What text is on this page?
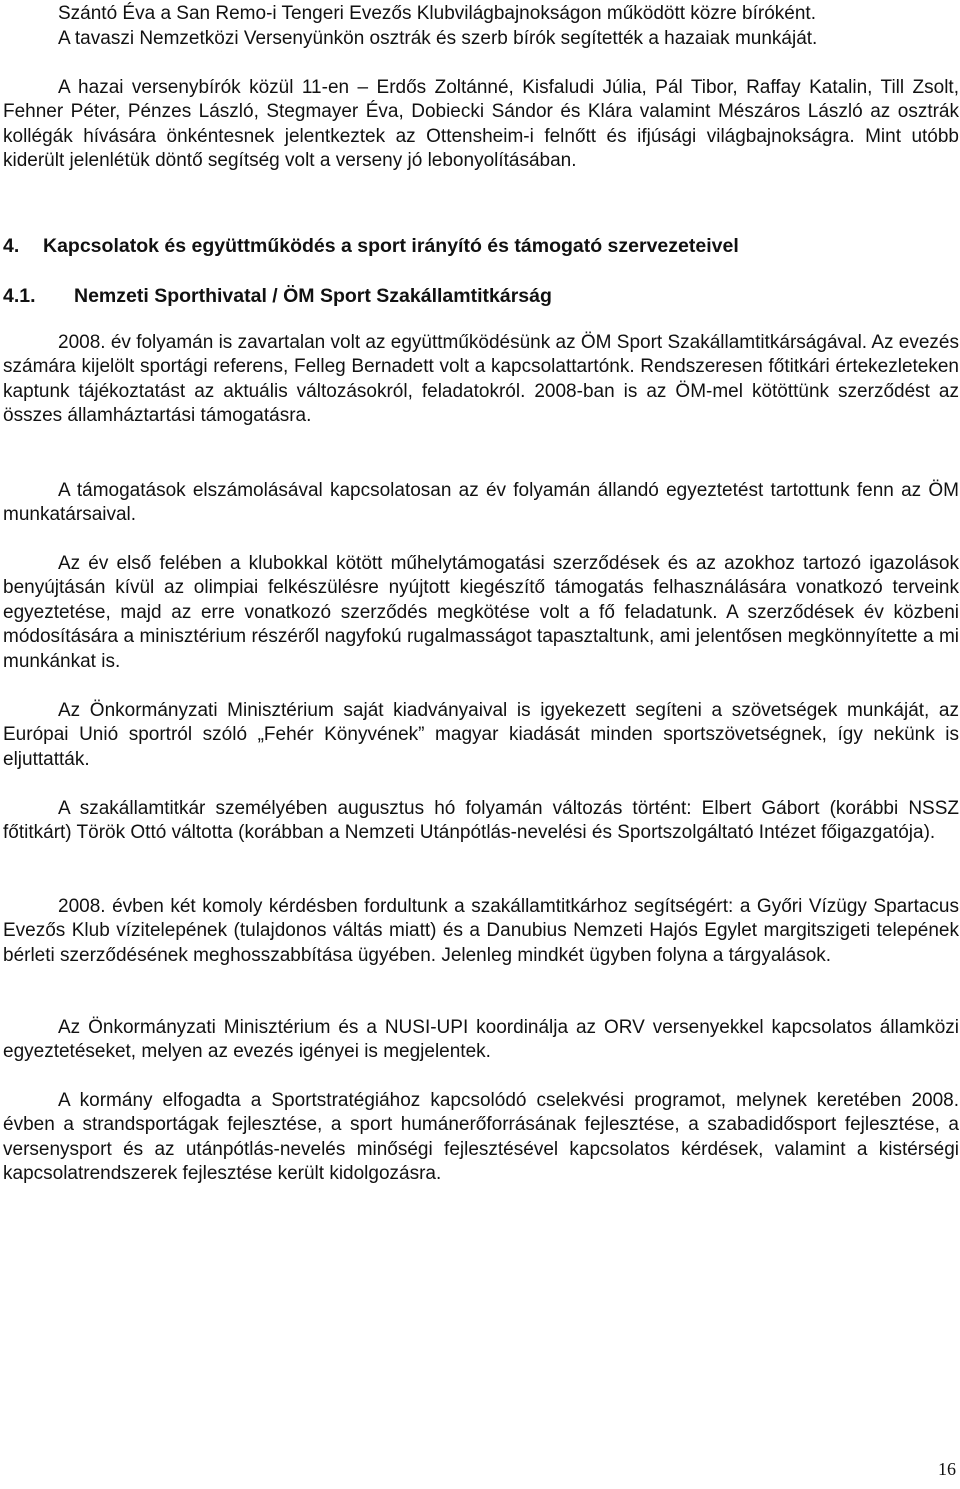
Szántó Éva a San Remo-i Tengeri Evezős Klubvilágbajnokságon működött közre bíróként.

A tavaszi Nemzetközi Versenyünkön osztrák és szerb bírók segítették a hazaiak munkáját.

A hazai versenybírók közül 11-en – Erdős Zoltánné, Kisfaludi Júlia, Pál Tibor, Raffay Katalin, Till Zsolt, Fehner Péter, Pénzes László, Stegmayer Éva, Dobiecki Sándor és Klára valamint Mészáros László az osztrák kollégák hívására önkéntesnek jelentkeztek az Ottensheim-i felnőtt és ifjúsági világbajnokságra. Mint utóbb kiderült jelenlétük döntő segítség volt a verseny jó lebonyolításában.

4. Kapcsolatok és együttműködés a sport irányító és támogató szervezeteivel
4.1. Nemzeti Sporthivatal / ÖM Sport Szakállamtitkárság

2008. év folyamán is zavartalan volt az együttműködésünk az ÖM Sport Szakállamtitkárságával. Az evezés számára kijelölt sportági referens, Felleg Bernadett volt a kapcsolattartónk. Rendszeresen főtitkári értekezleteken kaptunk tájékoztatást az aktuális változásokról, feladatokról. 2008-ban is az ÖM-mel kötöttünk szerződést az összes államháztartási támogatásra.

A támogatások elszámolásával kapcsolatosan az év folyamán állandó egyeztetést tartottunk fenn az ÖM munkatársaival.

Az év első felében a klubokkal kötött műhelytámogatási szerződések és az azokhoz tartozó igazolások benyújtásán kívül az olimpiai felkészülésre nyújtott kiegészítő támogatás felhasználására vonatkozó terveink egyeztetése, majd az erre vonatkozó szerződés megkötése volt a fő feladatunk. A szerződések év közbeni módosítására a minisztérium részéről nagyfokú rugalmasságot tapasztaltunk, ami jelentősen megkönnyítette a mi munkánkat is.

Az Önkormányzati Minisztérium saját kiadványaival is igyekezett segíteni a szövetségek munkáját, az Európai Unió sportról szóló „Fehér Könyvének” magyar kiadását minden sportszövetségnek, így nekünk is eljuttatták.

A szakállamtitkár személyében augusztus hó folyamán változás történt: Elbert Gábort (korábbi NSSZ főtitkárt) Török Ottó váltotta (korábban a Nemzeti Utánpótlás-nevelési és Sportszolgáltató Intézet főigazgatója).

2008. évben két komoly kérdésben fordultunk a szakállamtitkárhoz segítségért: a Győri Vízügy Spartacus Evezős Klub vízitelepének (tulajdonos váltás miatt) és a Danubius Nemzeti Hajós Egylet margitszigeti telepének bérleti szerződésének meghosszabbítása ügyében. Jelenleg mindkét ügyben folyna a tárgyalások.

Az Önkormányzati Minisztérium és a NUSI-UPI koordinálja az ORV versenyekkel kapcsolatos államközi egyeztetéseket, melyen az evezés igényei is megjelentek.

A kormány elfogadta a Sportstratégiához kapcsolódó cselekvési programot, melynek keretében 2008. évben a strandsportágak fejlesztése, a sport humánerőforrásának fejlesztése, a szabadidősport fejlesztése, a versenysport és az utánpótlás-nevelés minőségi fejlesztésével kapcsolatos kérdések, valamint a kistérségi kapcsolatrendszerek fejlesztése került kidolgozásra.

16
